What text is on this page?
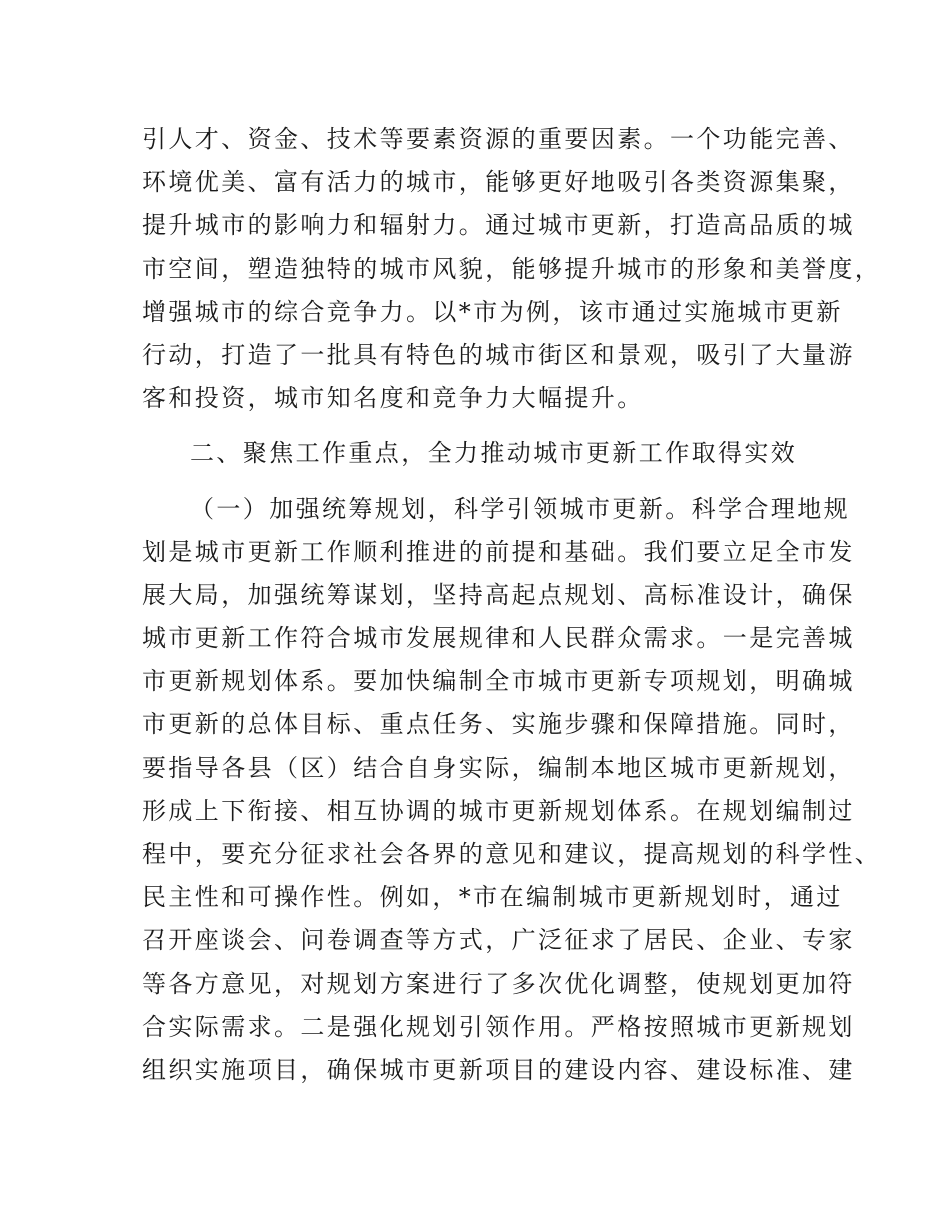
引人才、资金、技术等要素资源的重要因素。一个功能完善、
环境优美、富有活力的城市，能够更好地吸引各类资源集聚，
提升城市的影响力和辐射力。通过城市更新，打造高品质的城
市空间，塑造独特的城市风貌，能够提升城市的形象和美誉度，
增强城市的综合竞争力。以*市为例，该市通过实施城市更新
行动，打造了一批具有特色的城市街区和景观，吸引了大量游
客和投资，城市知名度和竞争力大幅提升。
二、聚焦工作重点，全力推动城市更新工作取得实效
（一）加强统筹规划，科学引领城市更新。科学合理地规
划是城市更新工作顺利推进的前提和基础。我们要立足全市发
展大局，加强统筹谋划，坚持高起点规划、高标准设计，确保
城市更新工作符合城市发展规律和人民群众需求。一是完善城
市更新规划体系。要加快编制全市城市更新专项规划，明确城
市更新的总体目标、重点任务、实施步骤和保障措施。同时，
要指导各县（区）结合自身实际，编制本地区城市更新规划，
形成上下衔接、相互协调的城市更新规划体系。在规划编制过
程中，要充分征求社会各界的意见和建议，提高规划的科学性、
民主性和可操作性。例如，*市在编制城市更新规划时，通过
召开座谈会、问卷调查等方式，广泛征求了居民、企业、专家
等各方意见，对规划方案进行了多次优化调整，使规划更加符
合实际需求。二是强化规划引领作用。严格按照城市更新规划
组织实施项目，确保城市更新项目的建设内容、建设标准、建
